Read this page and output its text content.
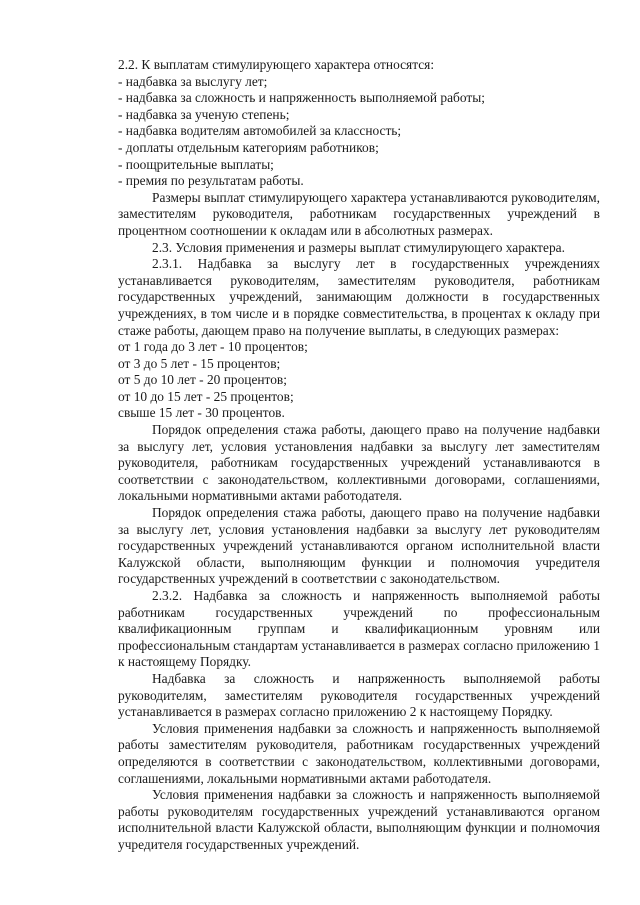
2.2. К выплатам стимулирующего характера относятся:

- надбавка за выслугу лет;

- надбавка за сложность и напряженность выполняемой работы;

- надбавка за ученую степень;

- надбавка водителям автомобилей за классность;

- доплаты отдельным категориям работников;

- поощрительные выплаты;

- премия по результатам работы.

Размеры выплат стимулирующего характера устанавливаются руководителям, заместителям руководителя, работникам государственных учреждений в процентном соотношении к окладам или в абсолютных размерах.

2.3. Условия применения и размеры выплат стимулирующего характера.

2.3.1. Надбавка за выслугу лет в государственных учреждениях устанавливается руководителям, заместителям руководителя, работникам государственных учреждений, занимающим должности в государственных учреждениях, в том числе и в порядке совместительства, в процентах к окладу при стаже работы, дающем право на получение выплаты, в следующих размерах:

от 1 года до 3 лет - 10 процентов;

от 3 до 5 лет - 15 процентов;

от 5 до 10 лет - 20 процентов;

от 10 до 15 лет - 25 процентов;

свыше 15 лет - 30 процентов.

Порядок определения стажа работы, дающего право на получение надбавки за выслугу лет, условия установления надбавки за выслугу лет заместителям руководителя, работникам государственных учреждений устанавливаются в соответствии с законодательством, коллективными договорами, соглашениями, локальными нормативными актами работодателя.

Порядок определения стажа работы, дающего право на получение надбавки за выслугу лет, условия установления надбавки за выслугу лет руководителям государственных учреждений устанавливаются органом исполнительной власти Калужской области, выполняющим функции и полномочия учредителя государственных учреждений в соответствии с законодательством.

2.3.2. Надбавка за сложность и напряженность выполняемой работы работникам государственных учреждений по профессиональным квалификационным группам и квалификационным уровням или профессиональным стандартам устанавливается в размерах согласно приложению 1 к настоящему Порядку.

Надбавка за сложность и напряженность выполняемой работы руководителям, заместителям руководителя государственных учреждений устанавливается в размерах согласно приложению 2 к настоящему Порядку.

Условия применения надбавки за сложность и напряженность выполняемой работы заместителям руководителя, работникам государственных учреждений определяются в соответствии с законодательством, коллективными договорами, соглашениями, локальными нормативными актами работодателя.

Условия применения надбавки за сложность и напряженность выполняемой работы руководителям государственных учреждений устанавливаются органом исполнительной власти Калужской области, выполняющим функции и полномочия учредителя государственных учреждений.
